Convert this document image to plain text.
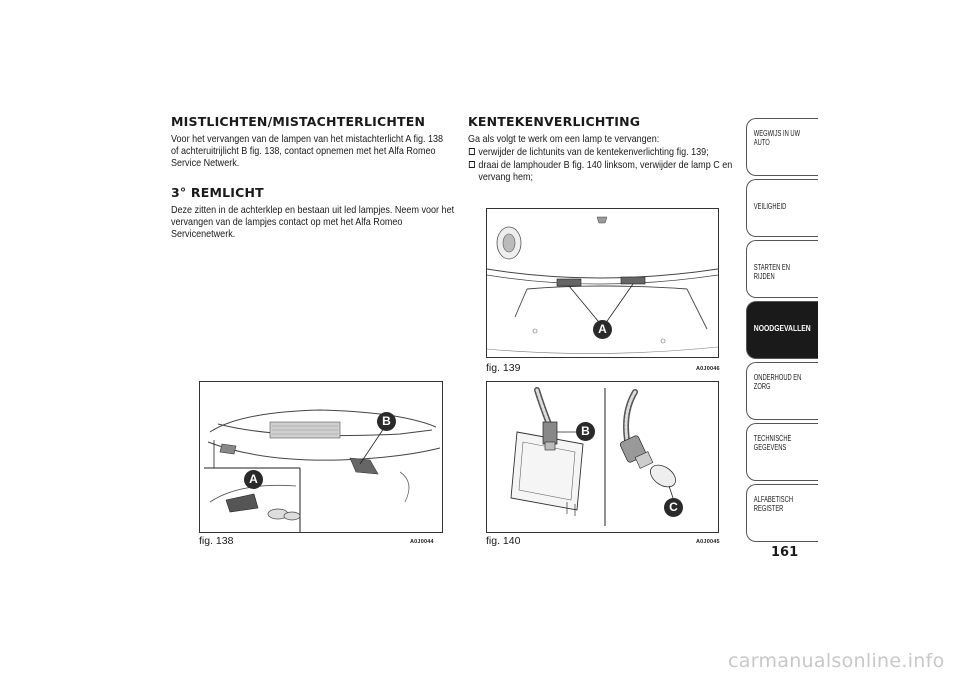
MISTLICHTEN/MISTACHTERLICHTEN
Voor het vervangen van de lampen van het mistachterlicht A fig. 138
of achteruitrijlicht B fig. 138, contact opnemen met het Alfa Romeo
Service Netwerk.
3° REMLICHT
Deze zitten in de achterklep en bestaan uit led lampjes. Neem voor het
vervangen van de lampjes contact op met het Alfa Romeo
Servicenetwerk.
A
B
fig. 138	A0J0044
KENTEKENVERLICHTING
Ga als volgt te werk om een lamp te vervangen:
verwijder de lichtunits van de kentekenverlichting fig. 139;
draai de lamphouder B fig. 140 linksom, verwijder de lamp C en
vervang hem;
A
fig. 139	A0J0046
B
C
fig. 140	A0J0045
WEGWIJS IN UW
AUTO
VEILIGHEID
STARTEN EN RIJDEN
NOODGEVALLEN
ONDERHOUD EN
ZORG
TECHNISCHE
GEGEVENS
ALFABETISCH
REGISTER
161
carmanualsonline.info
